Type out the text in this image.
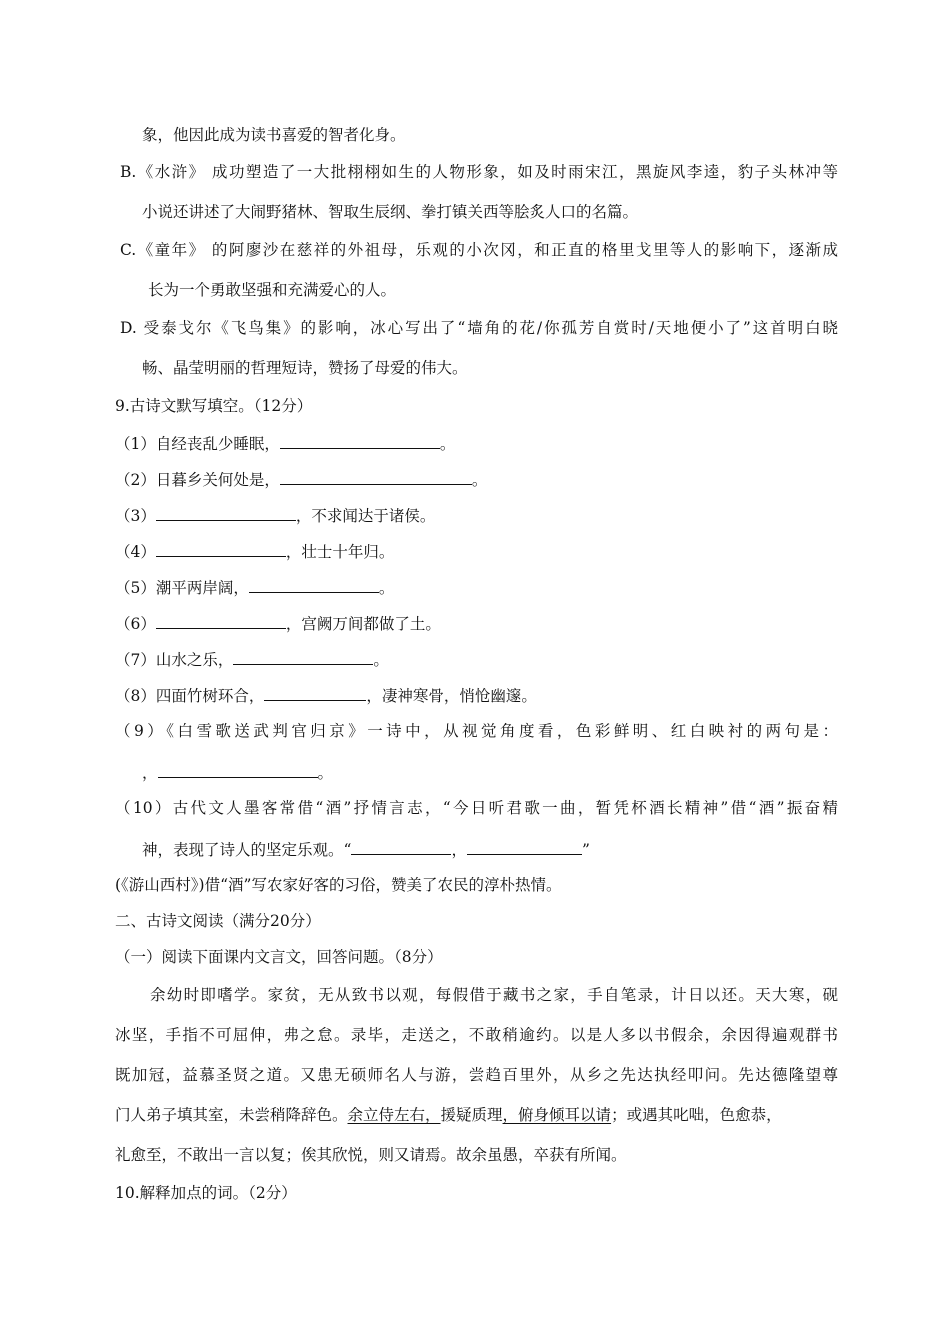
象，他因此成为读书喜爱的智者化身。
B.《水浒》 成功塑造了一大批栩栩如生的人物形象，如及时雨宋江，黑旋风李逵，豹子头林冲等
小说还讲述了大闹野猪林、智取生辰纲、拳打镇关西等脍炙人口的名篇。
C.《童年》 的阿廖沙在慈祥的外祖母，乐观的小次冈，和正直的格里戈里等人的影响下，逐渐成
长为一个勇敢坚强和充满爱心的人。
D. 受泰戈尔《飞鸟集》的影响，冰心写出了“墙角的花/你孤芳自赏时/天地便小了”这首明白晓
畅、晶莹明丽的哲理短诗，赞扬了母爱的伟大。
9.古诗文默写填空。（12分）
（1）自经丧乱少睡眠，	。
（2）日暮乡关何处是，	。
（3）	，不求闻达于诸侯。
（4）	，壮士十年归。
（5）潮平两岸阔，	。
（6）	，宫阙万间都做了土。
（7）山水之乐，	。
（8）四面竹树环合，	，凄神寒骨，悄怆幽邃。
（9）《白雪歌送武判官归京》一诗中，从视觉角度看，色彩鲜明、红白映衬的两句是：
，	。
（10）古代文人墨客常借“酒”抒情言志，“今日听君歌一曲，暂凭杯酒长精神”借“酒”振奋精
神，表现了诗人的坚定乐观。“	，	”
(《游山西村》)借“酒”写农家好客的习俗，赞美了农民的淳朴热情。
二、古诗文阅读（满分20分）
（一）阅读下面课内文言文，回答问题。（8分）
余幼时即嗜学。家贫，无从致书以观，每假借于藏书之家，手自笔录，计日以还。天大寒，砚
冰坚，手指不可屈伸，弗之怠。录毕，走送之，不敢稍逾约。以是人多以书假余，余因得遍观群书
既加冠，益慕圣贤之道。又患无硕师名人与游，尝趋百里外，从乡之先达执经叩问。先达德隆望尊
门人弟子填其室，未尝稍降辞色。余立侍左右，援疑质理，俯身倾耳以请；或遇其叱咄，色愈恭，
礼愈至，不敢出一言以复；俟其欣悦，则又请焉。故余虽愚，卒获有所闻。
10.解释加点的词。（2分）
